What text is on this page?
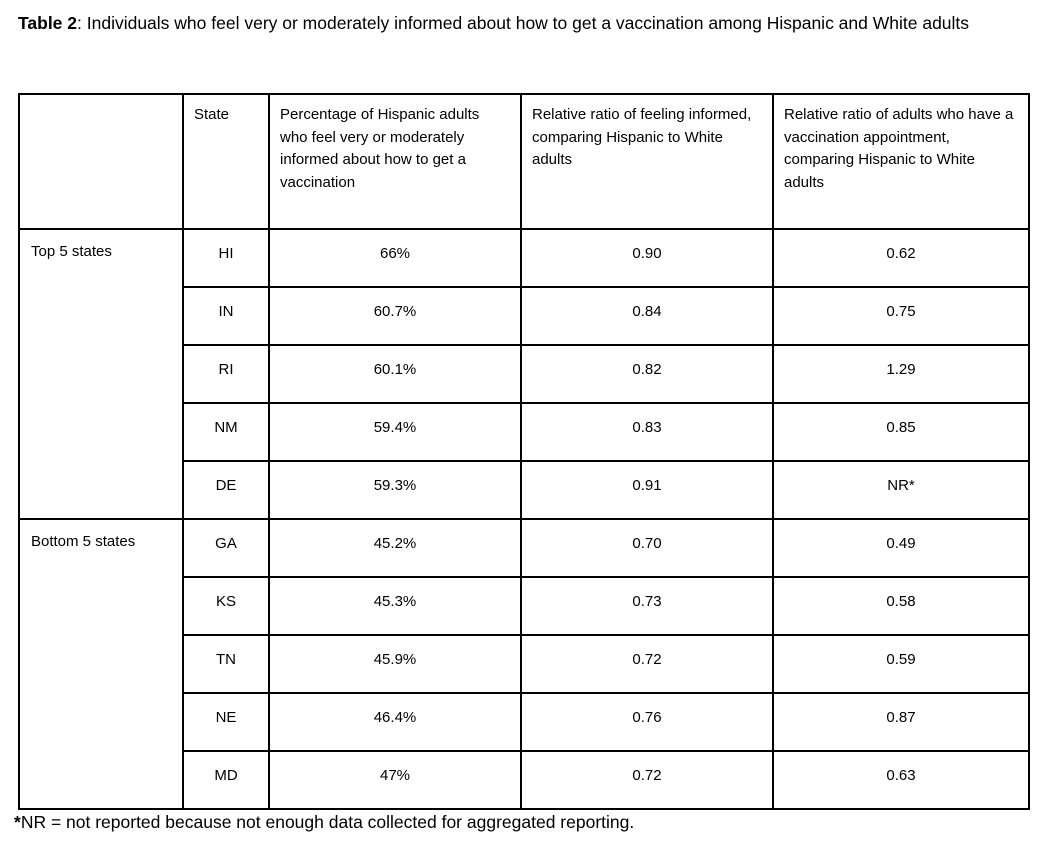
Table 2: Individuals who feel very or moderately informed about how to get a vaccination among Hispanic and White adults

	State	Percentage of Hispanic adults who feel very or moderately informed about how to get a vaccination	Relative ratio of feeling informed, comparing Hispanic to White adults	Relative ratio of adults who have a vaccination appointment, comparing Hispanic to White adults
Top 5 states	HI	66%	0.90	0.62
	IN	60.7%	0.84	0.75
	RI	60.1%	0.82	1.29
	NM	59.4%	0.83	0.85
	DE	59.3%	0.91	NR*
Bottom 5 states	GA	45.2%	0.70	0.49
	KS	45.3%	0.73	0.58
	TN	45.9%	0.72	0.59
	NE	46.4%	0.76	0.87
	MD	47%	0.72	0.63

*NR = not reported because not enough data collected for aggregated reporting.
